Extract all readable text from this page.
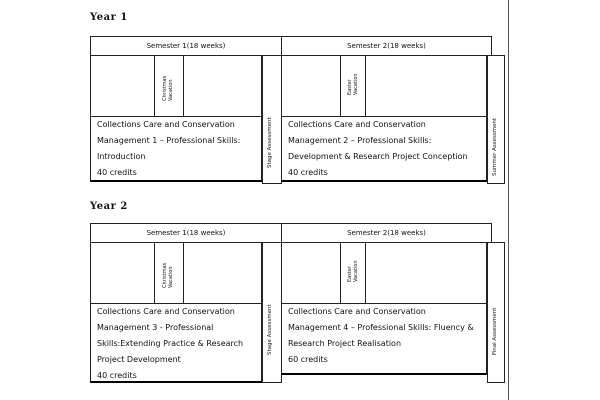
Year 1
Semester 1(18 weeks)	Semester 2(18 weeks)
Christmas Vacation
Stage Assessment
Easter Vacation
Summer Assessment
Collections Care and Conservation
Management 1 – Professional Skills:
Introduction
40 credits
Collections Care and Conservation
Management 2 – Professional Skills:
Development & Research Project Conception
40 credits
Year 2
Semester 1(18 weeks)	Semester 2(18 weeks)
Christmas Vacation
Stage Assessment
Easter Vacation
Final Assessment
Collections Care and Conservation
Management 3 - Professional
Skills:Extending Practice & Research
Project Development
40 credits
Collections Care and Conservation
Management 4 – Professional Skills: Fluency &
Research Project Realisation
60 credits
